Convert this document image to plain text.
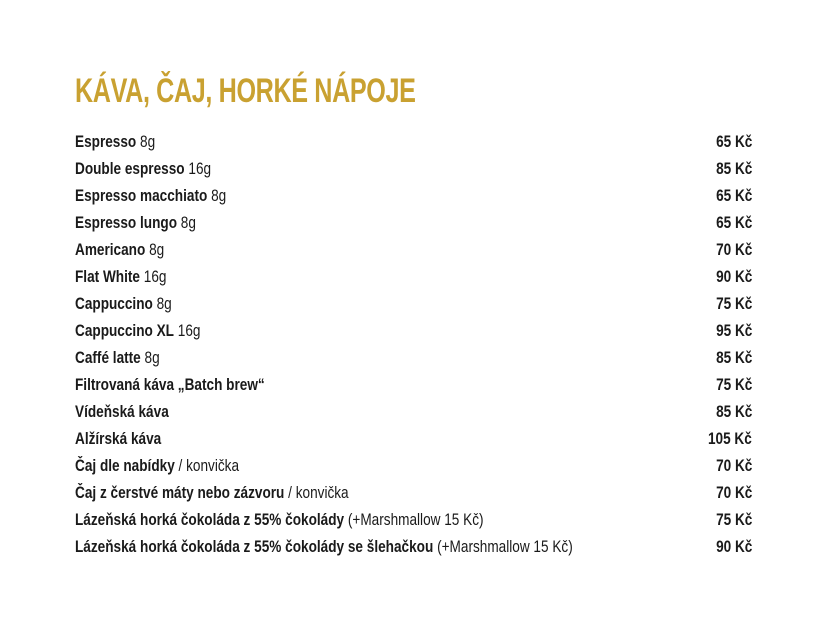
KÁVA, ČAJ, HORKÉ NÁPOJE
Espresso 8g	65 Kč
Double espresso 16g	85 Kč
Espresso macchiato 8g	65 Kč
Espresso lungo 8g	65 Kč
Americano 8g	70 Kč
Flat White 16g	90 Kč
Cappuccino 8g	75 Kč
Cappuccino XL 16g	95 Kč
Caffé latte 8g	85 Kč
Filtrovaná káva „Batch brew“	75 Kč
Vídeňská káva	85 Kč
Alžírská káva	105 Kč
Čaj dle nabídky / konvička	70 Kč
Čaj z čerstvé máty nebo zázvoru / konvička	70 Kč
Lázeňská horká čokoláda z 55% čokolády (+Marshmallow 15 Kč)	75 Kč
Lázeňská horká čokoláda z 55% čokolády se šlehačkou (+Marshmallow 15 Kč)	90 Kč
